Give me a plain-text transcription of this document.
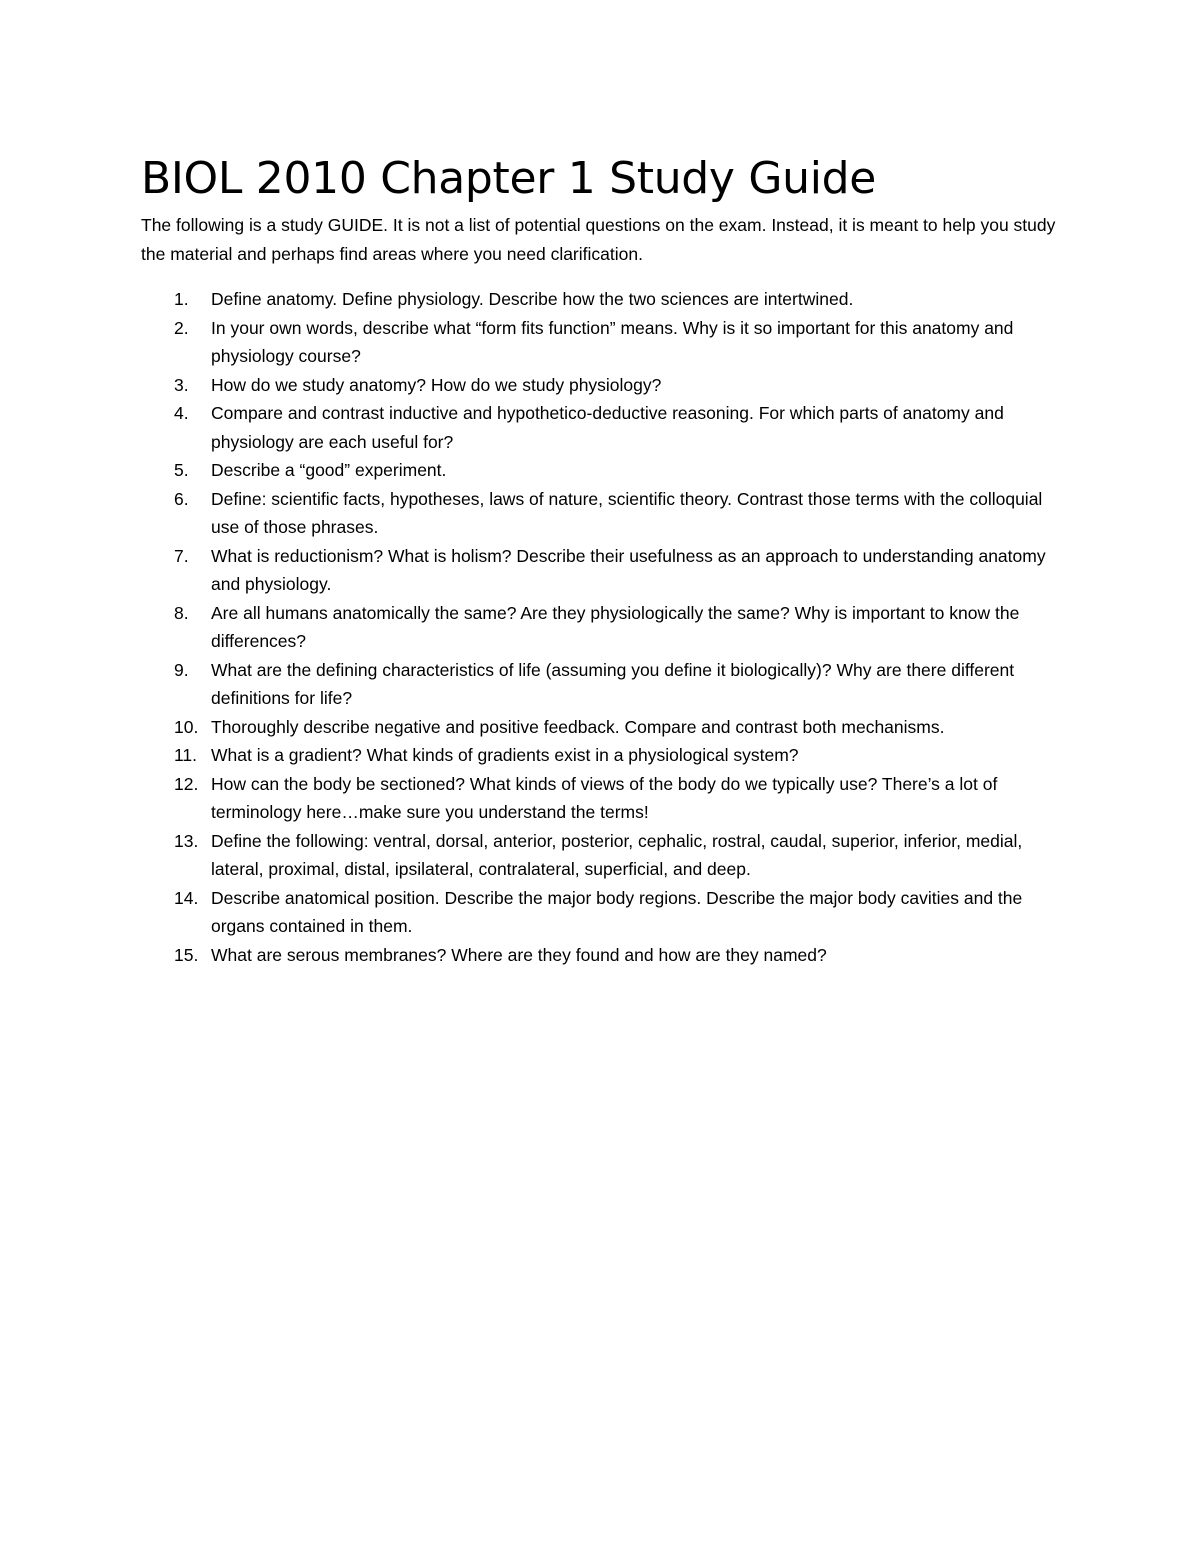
BIOL 2010 Chapter 1 Study Guide

The following is a study GUIDE. It is not a list of potential questions on the exam. Instead, it is meant to help you study the material and perhaps find areas where you need clarification.

1.	Define anatomy. Define physiology. Describe how the two sciences are intertwined.
2.	In your own words, describe what “form fits function” means. Why is it so important for this anatomy and physiology course?
3.	How do we study anatomy? How do we study physiology?
4.	Compare and contrast inductive and hypothetico-deductive reasoning. For which parts of anatomy and physiology are each useful for?
5.	Describe a “good” experiment.
6.	Define: scientific facts, hypotheses, laws of nature, scientific theory. Contrast those terms with the colloquial use of those phrases.
7.	What is reductionism? What is holism? Describe their usefulness as an approach to understanding anatomy and physiology.
8.	Are all humans anatomically the same? Are they physiologically the same? Why is important to know the differences?
9.	What are the defining characteristics of life (assuming you define it biologically)? Why are there different definitions for life?
10. Thoroughly describe negative and positive feedback. Compare and contrast both mechanisms.
11. What is a gradient? What kinds of gradients exist in a physiological system?
12. How can the body be sectioned? What kinds of views of the body do we typically use? There’s a lot of terminology here…make sure you understand the terms!
13. Define the following: ventral, dorsal, anterior, posterior, cephalic, rostral, caudal, superior, inferior, medial, lateral, proximal, distal, ipsilateral, contralateral, superficial, and deep.
14. Describe anatomical position. Describe the major body regions. Describe the major body cavities and the organs contained in them.
15. What are serous membranes? Where are they found and how are they named?
